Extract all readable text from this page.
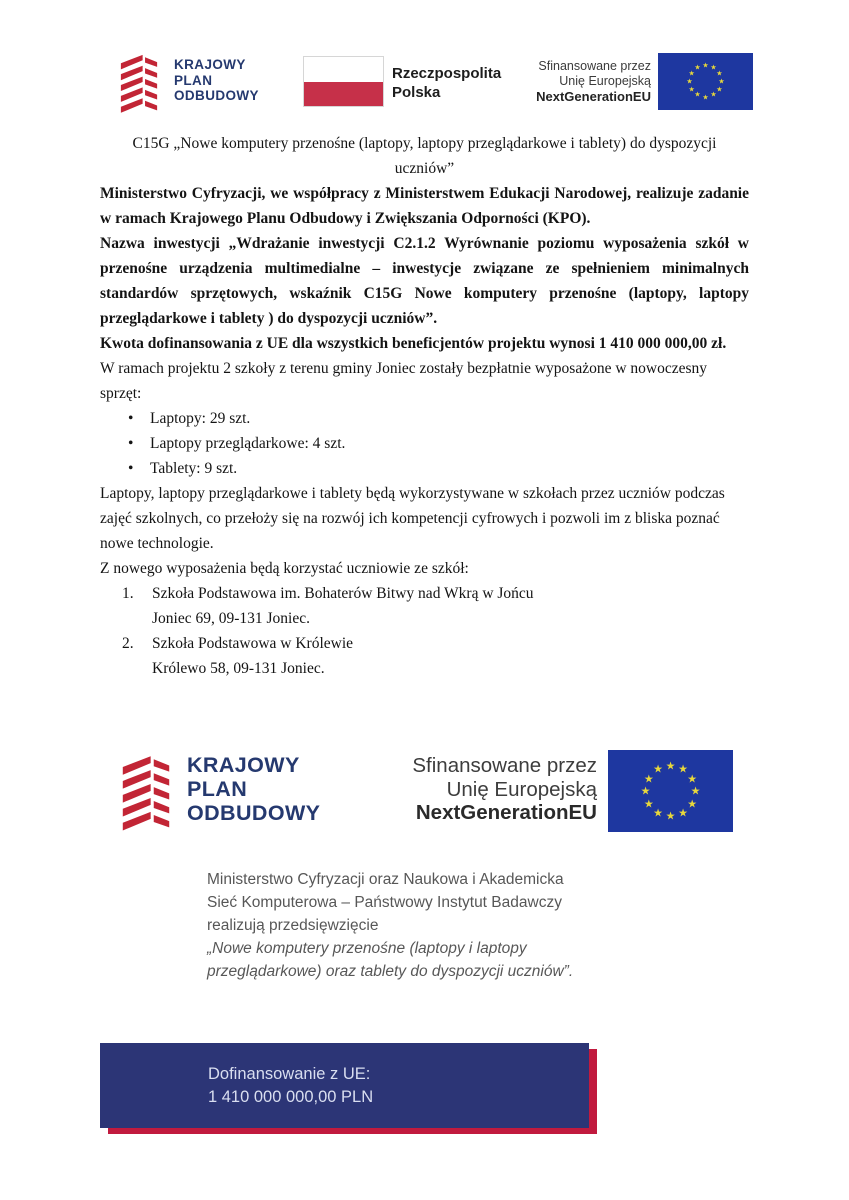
KRAJOWY
PLAN
ODBUDOWY
Rzeczpospolita
Polska
Sfinansowane przez
Unię Europejską
NextGenerationEU
★ ★
★
★
★
★
★
★
★
★
★
★
C15G „Nowe komputery przenośne (laptopy, laptopy przeglądarkowe i tablety) do dyspozycji
uczniów”

Ministerstwo Cyfryzacji, we współpracy z Ministerstwem Edukacji Narodowej, realizuje zadanie w ramach Krajowego Planu Odbudowy i Zwiększania Odporności (KPO).

Nazwa inwestycji „Wdrażanie inwestycji C2.1.2 Wyrównanie poziomu wyposażenia szkół w przenośne urządzenia multimedialne – inwestycje związane ze spełnieniem minimalnych standardów sprzętowych, wskaźnik C15G Nowe komputery przenośne (laptopy, laptopy przeglądarkowe i tablety ) do dyspozycji uczniów”.

Kwota dofinansowania z UE dla wszystkich beneficjentów projektu wynosi 1 410 000 000,00 zł.

W ramach projektu 2 szkoły z terenu gminy Joniec zostały bezpłatnie wyposażone w nowoczesny sprzęt:

• Laptopy: 29 szt.
• Laptopy przeglądarkowe: 4 szt.
• Tablety: 9 szt.

Laptopy, laptopy przeglądarkowe i tablety będą wykorzystywane w szkołach przez uczniów podczas zajęć szkolnych, co przełoży się na rozwój ich kompetencji cyfrowych i pozwoli im z bliska poznać nowe technologie.

Z nowego wyposażenia będą korzystać uczniowie ze szkół:

1. Szkoła Podstawowa im. Bohaterów Bitwy nad Wkrą w Jońcu
Joniec 69, 09-131 Joniec.
2. Szkoła Podstawowa w Królewie
Królewo 58, 09-131 Joniec.
KRAJOWY
PLAN
ODBUDOWY
Sfinansowane przez
Unię Europejską
NextGenerationEU
★ ★
★
★
★
★
★
★
★
★
★
★
Ministerstwo Cyfryzacji oraz Naukowa i Akademicka
Sieć Komputerowa – Państwowy Instytut Badawczy
realizują przedsięwzięcie
„Nowe komputery przenośne (laptopy i laptopy
przeglądarkowe) oraz tablety do dyspozycji uczniów”.
Dofinansowanie z UE:
1 410 000 000,00 PLN
